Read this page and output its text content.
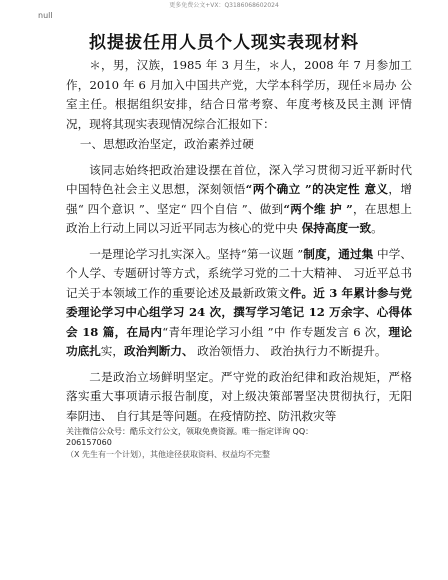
更多免费公文+VX：Q3186068602024
null
拟提拔任用人员个人现实表现材料

＊，男，汉族，1985 年 3 月生，＊人，2008 年 7 月参加工 作，2010 年 6 月加入中国共产党，大学本科学历，现任＊局办 公室主任。根据组织安排，结合日常考察、年度考核及民主测 评情况，现将其现实表现情况综合汇报如下：

一、思想政治坚定，政治素养过硬

该同志始终把政治建设摆在首位，深入学习贯彻习近平新时代中国特色社会主义思想，深刻领悟“两个确立 ”的决定性 意义，增强“ 四个意识 ”、坚定“ 四个自信 ”、做到“两个维 护 ”，在思想上政治上行动上同以习近平同志为核心的党中央 保持高度一致。

一是理论学习扎实深入。坚持“第一议题 ”制度，通过集 中学、个人学、专题研讨等方式，系统学习党的二十大精神、 习近平总书记关于本领域工作的重要论述及最新政策文件。近 3 年累计参与党委理论学习中心组学习 24 次，撰写学习笔记 12 万余字、心得体会 18 篇，在局内“青年理论学习小组 ”中 作专题发言 6 次，理论功底扎实，政治判断力、 政治领悟力、 政治执行力不断提升。

二是政治立场鲜明坚定。严守党的政治纪律和政治规矩，严格落实重大事项请示报告制度，对上级决策部署坚决贯彻执行，无阳奉阴违、 自行其是等问题。在疫情防控、防汛救灾等

关注微信公众号：酷乐文行公文，领取免费资源。唯一指定详询 QQ：
206157060
（X 先生有一个计划），其他途径获取资料、权益均不完整
